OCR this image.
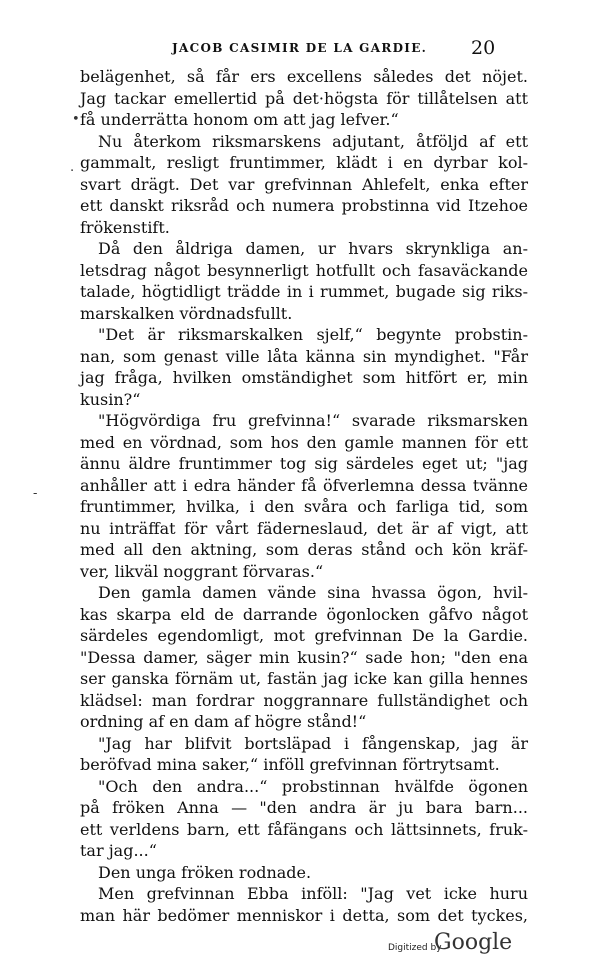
JACOB CASIMIR DE LA GARDIE. 20
belägenhet, så får ers excellens således det nöjet.
Jag tackar emellertid på det·högsta för tillåtelsen att
få underrätta honom om att jag lefver.“
Nu återkom riksmarskens adjutant, åtföljd af ett
gammalt, resligt fruntimmer, klädt i en dyrbar kol-
svart drägt. Det var grefvinnan Ahlefelt, enka efter
ett danskt riksråd och numera probstinna vid Itzehoe
frökenstift.
Då den åldriga damen, ur hvars skrynkliga an-
letsdrag något besynnerligt hotfullt och fasaväckande
talade, högtidligt trädde in i rummet, bugade sig riks-
marskalken vördnadsfullt.
"Det är riksmarskalken sjelf,“ begynte probstin-
nan, som genast ville låta känna sin myndighet. "Får
jag fråga, hvilken omständighet som hitfört er, min
kusin?“
"Högvördiga fru grefvinna!“ svarade riksmarsken
med en vördnad, som hos den gamle mannen för ett
ännu äldre fruntimmer tog sig särdeles eget ut; "jag
anhåller att i edra händer få öfverlemna dessa tvänne
fruntimmer, hvilka, i den svåra och farliga tid, som
nu inträffat för vårt fäderneslaud, det är af vigt, att
med all den aktning, som deras stånd och kön kräf-
ver, likväl noggrant förvaras.“
Den gamla damen vände sina hvassa ögon, hvil-
kas skarpa eld de darrande ögonlocken gåfvo något
särdeles egendomligt, mot grefvinnan De la Gardie.
"Dessa damer, säger min kusin?“ sade hon; "den ena
ser ganska förnäm ut, fastän jag icke kan gilla hennes
klädsel: man fordrar noggrannare fullständighet och
ordning af en dam af högre stånd!“
"Jag har blifvit bortsläpad i fångenskap, jag är
beröfvad mina saker,“ inföll grefvinnan förtrytsamt.
"Och den andra...“ probstinnan hvälfde ögonen
på fröken Anna — "den andra är ju bara barn...
ett verldens barn, ett fåfängans och lättsinnets, fruk-
tar jag...“
Den unga fröken rodnade.
Men grefvinnan Ebba inföll: "Jag vet icke huru
man här bedömer menniskor i detta, som det tyckes,
•
.
-
Digitized by
Google
